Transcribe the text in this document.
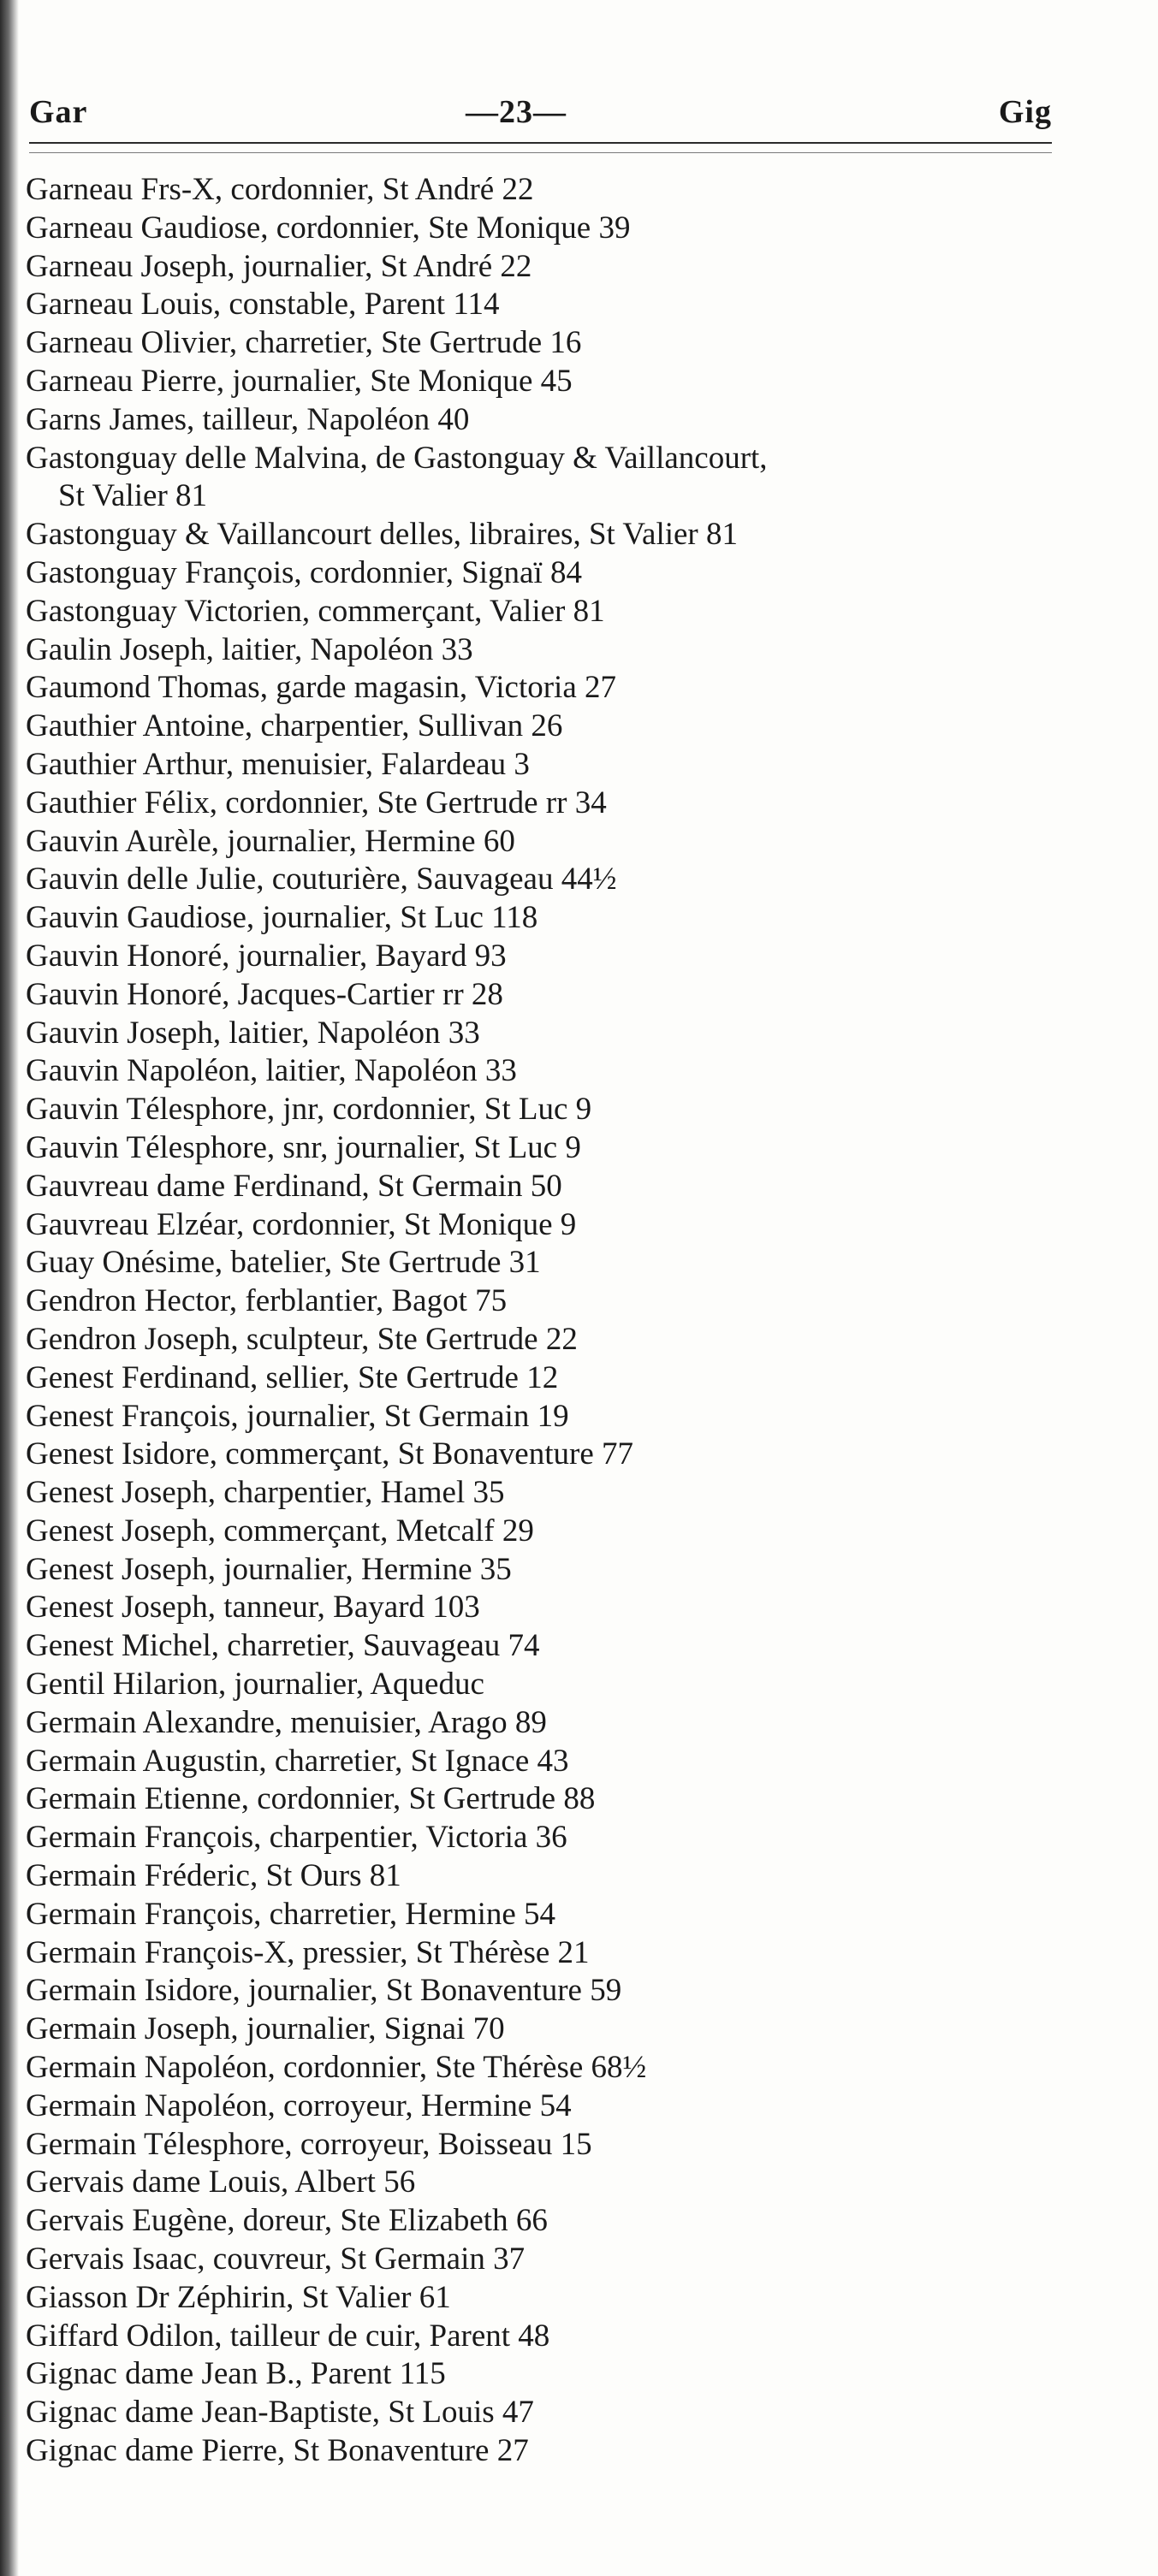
Gar	—23—	Gig
Garneau Frs-X, cordonnier, St André 22
Garneau Gaudiose, cordonnier, Ste Monique 39
Garneau Joseph, journalier, St André 22
Garneau Louis, constable, Parent 114
Garneau Olivier, charretier, Ste Gertrude 16
Garneau Pierre, journalier, Ste Monique 45
Garns James, tailleur, Napoléon 40
Gastonguay delle Malvina, de Gastonguay & Vaillancourt,
St Valier 81
Gastonguay & Vaillancourt delles, libraires, St Valier 81
Gastonguay François, cordonnier, Signaï 84
Gastonguay Victorien, commerçant, Valier 81
Gaulin Joseph, laitier, Napoléon 33
Gaumond Thomas, garde magasin, Victoria 27
Gauthier Antoine, charpentier, Sullivan 26
Gauthier Arthur, menuisier, Falardeau 3
Gauthier Félix, cordonnier, Ste Gertrude rr 34
Gauvin Aurèle, journalier, Hermine 60
Gauvin delle Julie, couturière, Sauvageau 44½
Gauvin Gaudiose, journalier, St Luc 118
Gauvin Honoré, journalier, Bayard 93
Gauvin Honoré, Jacques-Cartier rr 28
Gauvin Joseph, laitier, Napoléon 33
Gauvin Napoléon, laitier, Napoléon 33
Gauvin Télesphore, jnr, cordonnier, St Luc 9
Gauvin Télesphore, snr, journalier, St Luc 9
Gauvreau dame Ferdinand, St Germain 50
Gauvreau Elzéar, cordonnier, St Monique 9
Guay Onésime, batelier, Ste Gertrude 31
Gendron Hector, ferblantier, Bagot 75
Gendron Joseph, sculpteur, Ste Gertrude 22
Genest Ferdinand, sellier, Ste Gertrude 12
Genest François, journalier, St Germain 19
Genest Isidore, commerçant, St Bonaventure 77
Genest Joseph, charpentier, Hamel 35
Genest Joseph, commerçant, Metcalf 29
Genest Joseph, journalier, Hermine 35
Genest Joseph, tanneur, Bayard 103
Genest Michel, charretier, Sauvageau 74
Gentil Hilarion, journalier, Aqueduc
Germain Alexandre, menuisier, Arago 89
Germain Augustin, charretier, St Ignace 43
Germain Etienne, cordonnier, St Gertrude 88
Germain François, charpentier, Victoria 36
Germain Fréderic, St Ours 81
Germain François, charretier, Hermine 54
Germain François-X, pressier, St Thérèse 21
Germain Isidore, journalier, St Bonaventure 59
Germain Joseph, journalier, Signai 70
Germain Napoléon, cordonnier, Ste Thérèse 68½
Germain Napoléon, corroyeur, Hermine 54
Germain Télesphore, corroyeur, Boisseau 15
Gervais dame Louis, Albert 56
Gervais Eugène, doreur, Ste Elizabeth 66
Gervais Isaac, couvreur, St Germain 37
Giasson Dr Zéphirin, St Valier 61
Giffard Odilon, tailleur de cuir, Parent 48
Gignac dame Jean B., Parent 115
Gignac dame Jean-Baptiste, St Louis 47
Gignac dame Pierre, St Bonaventure 27
